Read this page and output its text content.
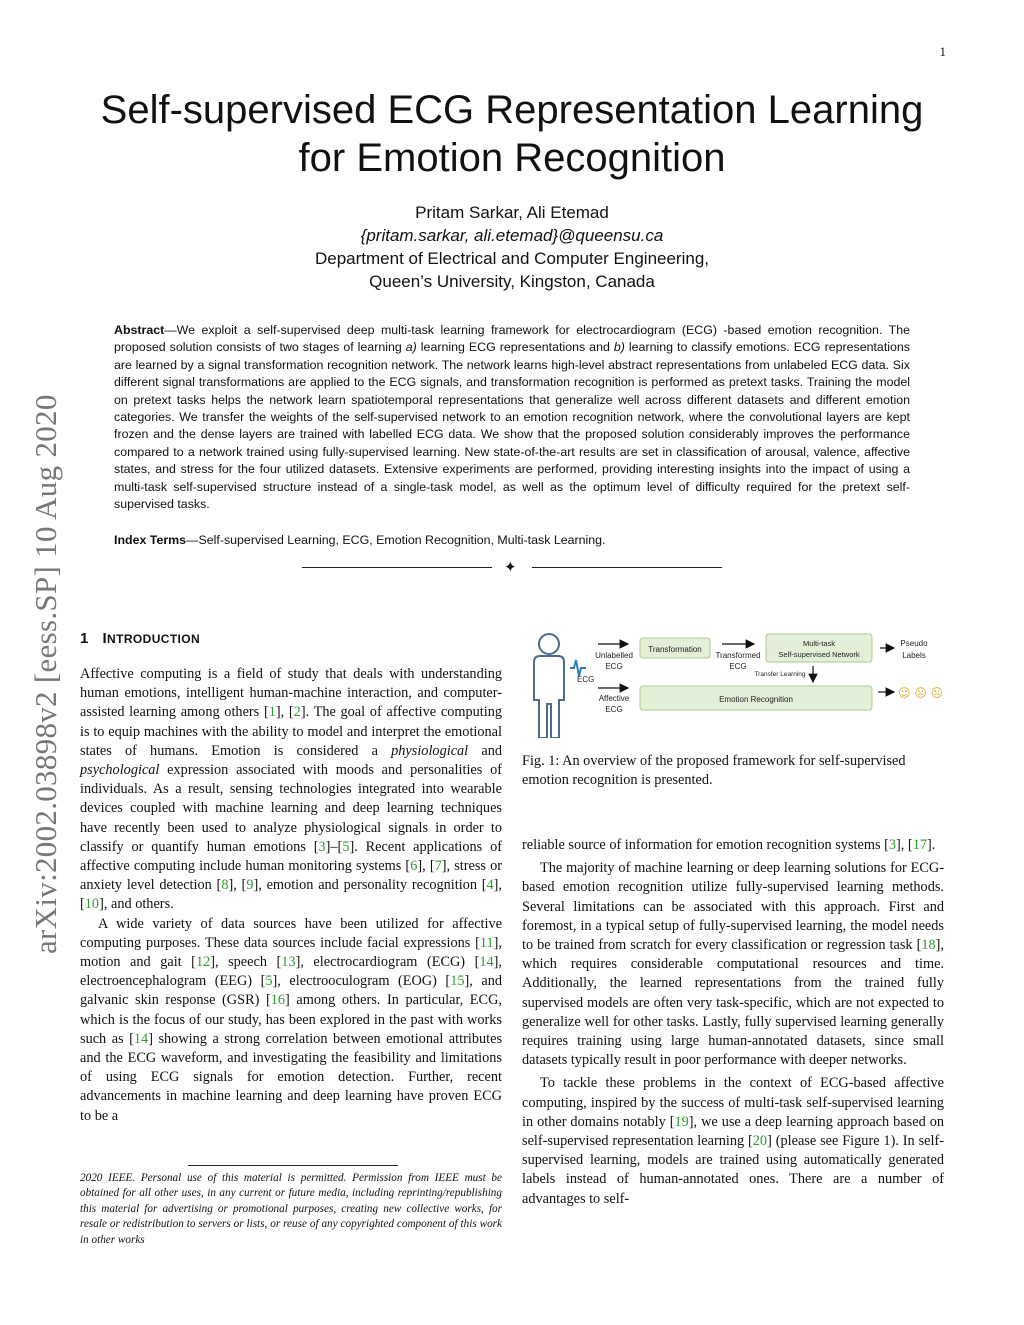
1
arXiv:2002.03898v2 [eess.SP] 10 Aug 2020
Self-supervised ECG Representation Learning
for Emotion Recognition
Pritam Sarkar, Ali Etemad
{pritam.sarkar, ali.etemad}@queensu.ca
Department of Electrical and Computer Engineering,
Queen’s University, Kingston, Canada

Abstract—We exploit a self-supervised deep multi-task learning framework for electrocardiogram (ECG) -based emotion recognition. The proposed solution consists of two stages of learning a) learning ECG representations and b) learning to classify emotions. ECG representations are learned by a signal transformation recognition network. The network learns high-level abstract representations from unlabeled ECG data. Six different signal transformations are applied to the ECG signals, and transformation recognition is performed as pretext tasks. Training the model on pretext tasks helps the network learn spatiotemporal representations that generalize well across different datasets and different emotion categories. We transfer the weights of the self-supervised network to an emotion recognition network, where the convolutional layers are kept frozen and the dense layers are trained with labelled ECG data. We show that the proposed solution considerably improves the performance compared to a network trained using fully-supervised learning. New state-of-the-art results are set in classification of arousal, valence, affective states, and stress for the four utilized datasets. Extensive experiments are performed, providing interesting insights into the impact of using a multi-task self-supervised structure instead of a single-task model, as well as the optimum level of difficulty required for the pretext self-supervised tasks.

Index Terms—Self-supervised Learning, ECG, Emotion Recognition, Multi-task Learning.

✦
1 INTRODUCTION

Affective computing is a field of study that deals with understanding human emotions, intelligent human-machine interaction, and computer-assisted learning among others [1], [2]. The goal of affective computing is to equip machines with the ability to model and interpret the emotional states of humans. Emotion is considered a physiological and psychological expression associated with moods and personalities of individuals. As a result, sensing technologies integrated into wearable devices coupled with machine learning and deep learning techniques have recently been used to analyze physiological signals in order to classify or quantify human emotions [3]–[5]. Recent applications of affective computing include human monitoring systems [6], [7], stress or anxiety level detection [8], [9], emotion and personality recognition [4], [10], and others.

A wide variety of data sources have been utilized for affective computing purposes. These data sources include facial expressions [11], motion and gait [12], speech [13], electrocardiogram (ECG) [14], electroencephalogram (EEG) [5], electrooculogram (EOG) [15], and galvanic skin response (GSR) [16] among others. In particular, ECG, which is the focus of our study, has been explored in the past with works such as [14] showing a strong correlation between emotional attributes and the ECG waveform, and investigating the feasibility and limitations of using ECG signals for emotion detection. Further, recent advancements in machine learning and deep learning have proven ECG to be a

2020 IEEE. Personal use of this material is permitted. Permission from IEEE must be obtained for all other uses, in any current or future media, including reprinting/republishing this material for advertising or promotional purposes, creating new collective works, for resale or redistribution to servers or lists, or reuse of any copyrighted component of this work in other works

ECG
Unlabelled ECG
Transformation
Transformed ECG
Multi-task Self-supervised Network
Pseudo Labels
Transfer Learning
Affective ECG
Emotion Recognition	☺ ☹ ☹

Fig. 1: An overview of the proposed framework for self-supervised emotion recognition is presented.

reliable source of information for emotion recognition systems [3], [17].

The majority of machine learning or deep learning solutions for ECG-based emotion recognition utilize fully-supervised learning methods. Several limitations can be associated with this approach. First and foremost, in a typical setup of fully-supervised learning, the model needs to be trained from scratch for every classification or regression task [18], which requires considerable computational resources and time. Additionally, the learned representations from the trained fully supervised models are often very task-specific, which are not expected to generalize well for other tasks. Lastly, fully supervised learning generally requires training using large human-annotated datasets, since small datasets typically result in poor performance with deeper networks.

To tackle these problems in the context of ECG-based affective computing, inspired by the success of multi-task self-supervised learning in other domains notably [19], we use a deep learning approach based on self-supervised representation learning [20] (please see Figure 1). In self-supervised learning, models are trained using automatically generated labels instead of human-annotated ones. There are a number of advantages to self-
